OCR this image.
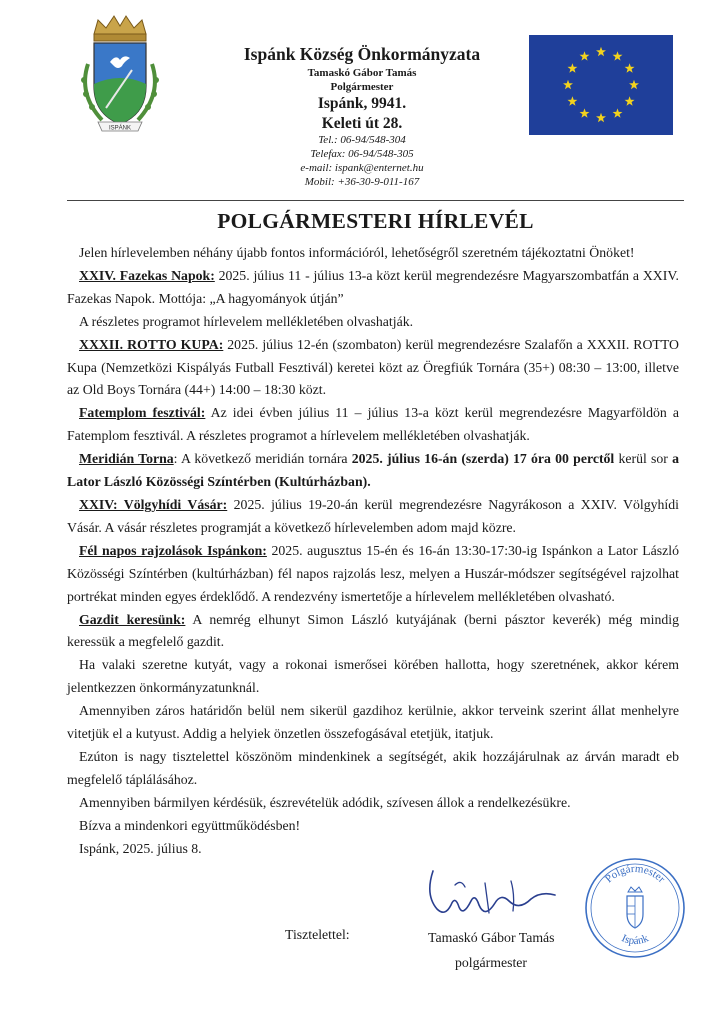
ISPÁNK
Ispánk Község Önkormányzata
Tamaskó Gábor Tamás
Polgármester
Ispánk, 9941.
Keleti út 28.
Tel.: 06-94/548-304
Telefax: 06-94/548-305
e-mail: ispank@enternet.hu
Mobil: +36-30-9-011-167
POLGÁRMESTERI HÍRLEVÉL

Jelen hírlevelemben néhány újabb fontos információról, lehetőségről szeretném tájékoztatni Önöket!

XXIV. Fazekas Napok: 2025. július 11 - július 13-a közt kerül megrendezésre Magyarszombatfán a XXIV. Fazekas Napok. Mottója: „A hagyományok útján”

A részletes programot hírlevelem mellékletében olvashatják.

XXXII. ROTTO KUPA: 2025. július 12-én (szombaton) kerül megrendezésre Szalafőn a XXXII. ROTTO Kupa (Nemzetközi Kispályás Futball Fesztivál) keretei közt az Öregfiúk Tornára (35+) 08:30 – 13:00, illetve az Old Boys Tornára (44+) 14:00 – 18:30 közt.

Fatemplom fesztivál: Az idei évben július 11 – július 13-a közt kerül megrendezésre Magyarföldön a Fatemplom fesztivál. A részletes programot a hírlevelem mellékletében olvashatják.

Meridián Torna: A következő meridián tornára 2025. július 16-án (szerda) 17 óra 00 perctől kerül sor a Lator László Közösségi Színtérben (Kultúrházban).

XXIV: Völgyhídi Vásár: 2025. július 19-20-án kerül megrendezésre Nagyrákoson a XXIV. Völgyhídi Vásár. A vásár részletes programját a következő hírlevelemben adom majd közre.

Fél napos rajzolások Ispánkon: 2025. augusztus 15-én és 16-án 13:30-17:30-ig Ispánkon a Lator László Közösségi Színtérben (kultúrházban) fél napos rajzolás lesz, melyen a Huszár-módszer segítségével rajzolhat portrékat minden egyes érdeklődő. A rendezvény ismertetője a hírlevelem mellékletében olvasható.

Gazdit keresünk: A nemrég elhunyt Simon László kutyájának (berni pásztor keverék) még mindig keressük a megfelelő gazdit.

Ha valaki szeretne kutyát, vagy a rokonai ismerősei körében hallotta, hogy szeretnének, akkor kérem jelentkezzen önkormányzatunknál.

Amennyiben záros határidőn belül nem sikerül gazdihoz kerülnie, akkor terveink szerint állat menhelyre vitetjük el a kutyust. Addig a helyiek önzetlen összefogásával etetjük, itatjuk.

Ezúton is nagy tisztelettel köszönöm mindenkinek a segítségét, akik hozzájárulnak az árván maradt eb megfelelő táplálásához.

Amennyiben bármilyen kérdésük, észrevételük adódik, szívesen állok a rendelkezésükre.

Bízva a mindenkori együttműködésben!

Ispánk, 2025. július 8.

Tisztelettel:	Tamaskó Gábor Tamás
polgármester
Polgármester
Ispánk
